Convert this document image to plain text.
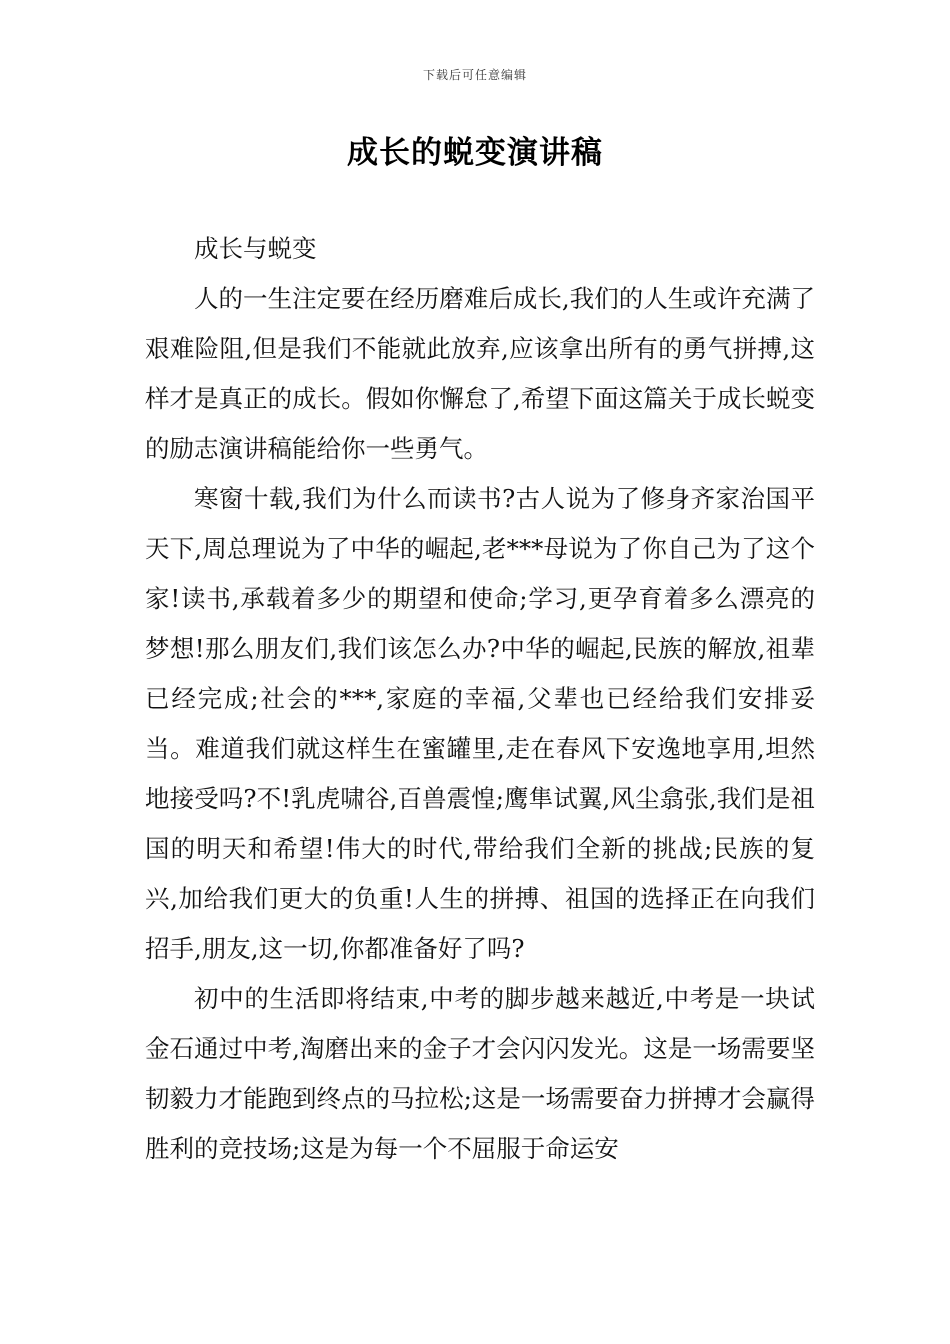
下载后可任意编辑
成长的蜕变演讲稿

成长与蜕变

人的一生注定要在经历磨难后成长,我们的人生或许充满了艰难险阻,但是我们不能就此放弃,应该拿出所有的勇气拼搏,这样才是真正的成长。假如你懈怠了,希望下面这篇关于成长蜕变的励志演讲稿能给你一些勇气。

寒窗十载,我们为什么而读书?古人说为了修身齐家治国平天下,周总理说为了中华的崛起,老***母说为了你自己为了这个家!读书,承载着多少的期望和使命;学习,更孕育着多么漂亮的梦想!那么朋友们,我们该怎么办?中华的崛起,民族的解放,祖辈已经完成;社会的***,家庭的幸福,父辈也已经给我们安排妥当。难道我们就这样生在蜜罐里,走在春风下安逸地享用,坦然地接受吗?不!乳虎啸谷,百兽震惶;鹰隼试翼,风尘翕张,我们是祖国的明天和希望!伟大的时代,带给我们全新的挑战;民族的复兴,加给我们更大的负重!人生的拼搏、祖国的选择正在向我们招手,朋友,这一切,你都准备好了吗?

初中的生活即将结束,中考的脚步越来越近,中考是一块试金石通过中考,淘磨出来的金子才会闪闪发光。这是一场需要坚韧毅力才能跑到终点的马拉松;这是一场需要奋力拼搏才会赢得胜利的竞技场;这是为每一个不屈服于命运安
